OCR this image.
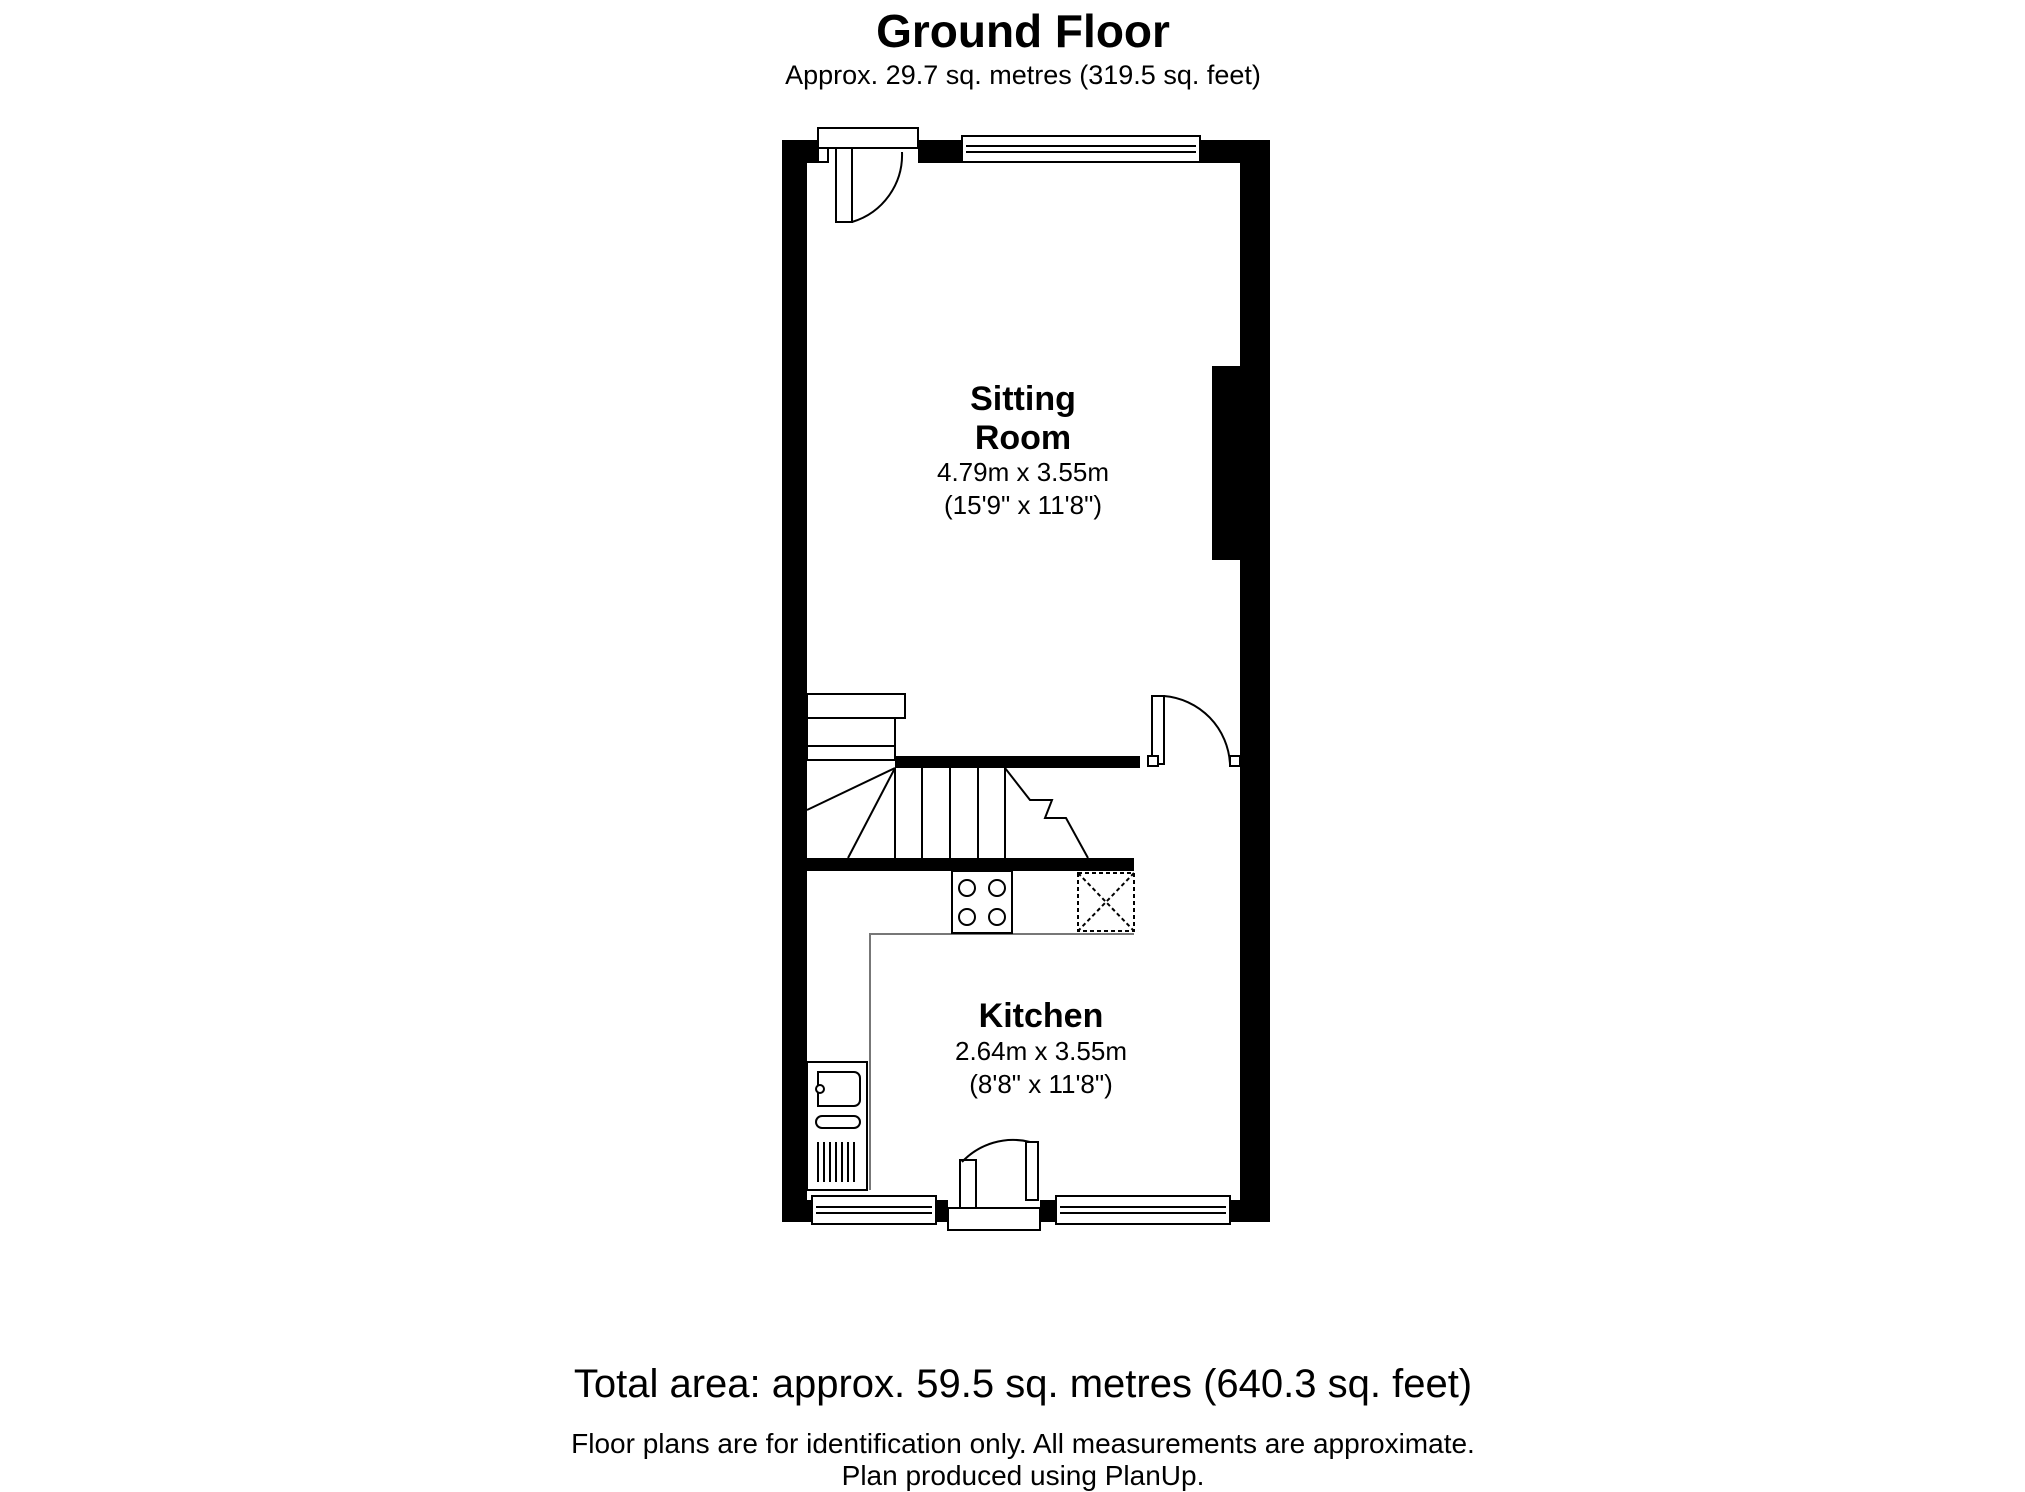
Ground Floor
Approx. 29.7 sq. metres (319.5 sq. feet)
Sitting
Room
4.79m x 3.55m
(15'9" x 11'8")
Kitchen
2.64m x 3.55m
(8'8" x 11'8")
Total area: approx. 59.5 sq. metres (640.3 sq. feet)
Floor plans are for identification only. All measurements are approximate.
Plan produced using PlanUp.
